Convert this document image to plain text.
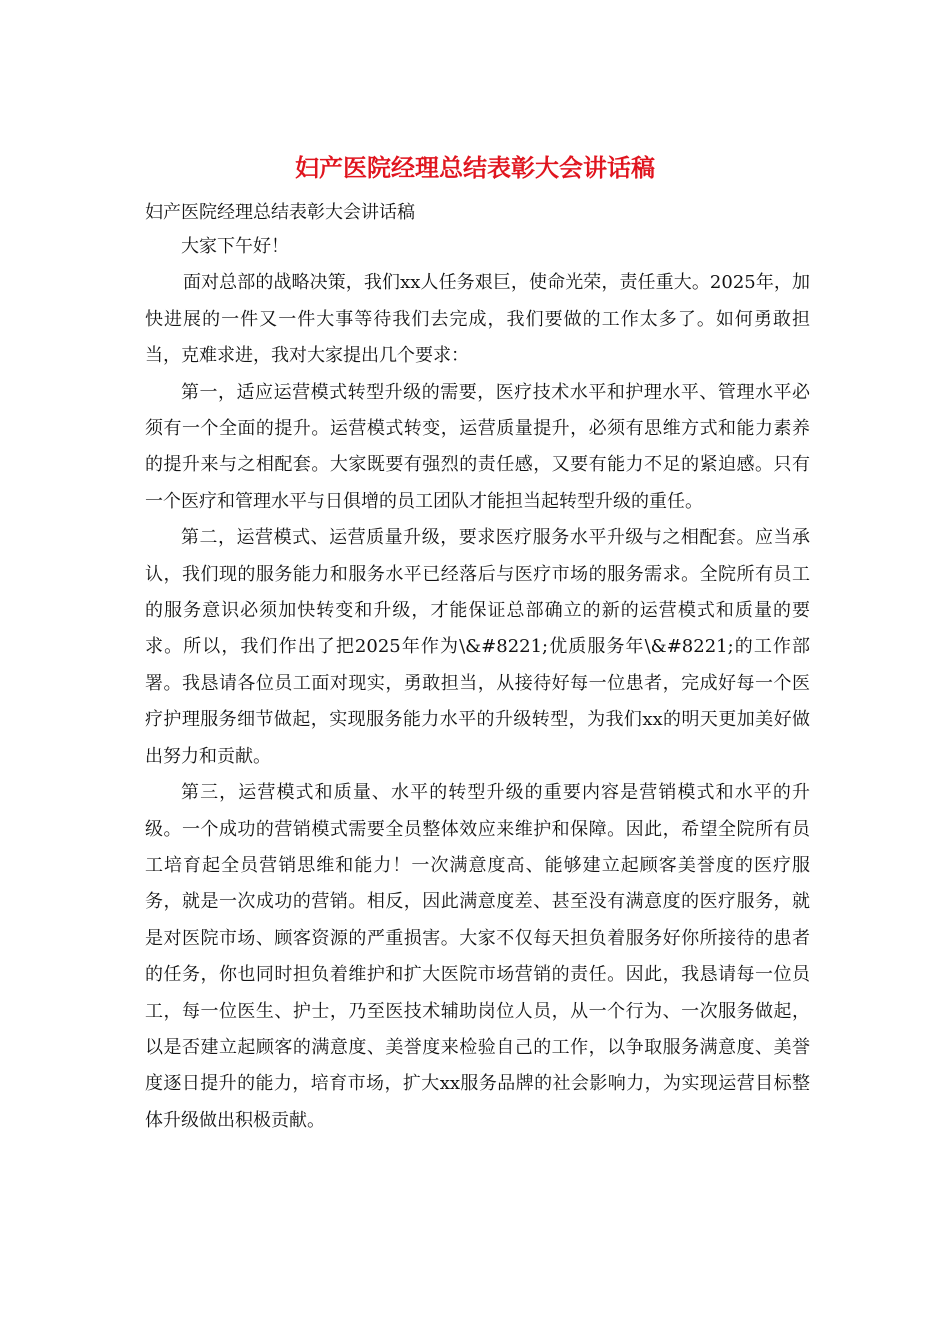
妇产医院经理总结表彰大会讲话稿
妇产医院经理总结表彰大会讲话稿

大家下午好！

面对总部的战略决策，我们xx人任务艰巨，使命光荣，责任重大。2025年，加快进展的一件又一件大事等待我们去完成，我们要做的工作太多了。如何勇敢担当，克难求进，我对大家提出几个要求：

第一，适应运营模式转型升级的需要，医疗技术水平和护理水平、管理水平必须有一个全面的提升。运营模式转变，运营质量提升，必须有思维方式和能力素养的提升来与之相配套。大家既要有强烈的责任感，又要有能力不足的紧迫感。只有一个医疗和管理水平与日俱增的员工团队才能担当起转型升级的重任。

第二，运营模式、运营质量升级，要求医疗服务水平升级与之相配套。应当承认，我们现的服务能力和服务水平已经落后与医疗市场的服务需求。全院所有员工的服务意识必须加快转变和升级，才能保证总部确立的新的运营模式和质量的要求。所以，我们作出了把2025年作为\&#8221;优质服务年\&#8221;的工作部署。我恳请各位员工面对现实，勇敢担当，从接待好每一位患者，完成好每一个医疗护理服务细节做起，实现服务能力水平的升级转型，为我们xx的明天更加美好做出努力和贡献。

第三，运营模式和质量、水平的转型升级的重要内容是营销模式和水平的升级。一个成功的营销模式需要全员整体效应来维护和保障。因此，希望全院所有员工培育起全员营销思维和能力！一次满意度高、能够建立起顾客美誉度的医疗服务，就是一次成功的营销。相反，因此满意度差、甚至没有满意度的医疗服务，就是对医院市场、顾客资源的严重损害。大家不仅每天担负着服务好你所接待的患者的任务，你也同时担负着维护和扩大医院市场营销的责任。因此，我恳请每一位员工，每一位医生、护士，乃至医技术辅助岗位人员，从一个行为、一次服务做起，以是否建立起顾客的满意度、美誉度来检验自己的工作，以争取服务满意度、美誉度逐日提升的能力，培育市场，扩大xx服务品牌的社会影响力，为实现运营目标整体升级做出积极贡献。
